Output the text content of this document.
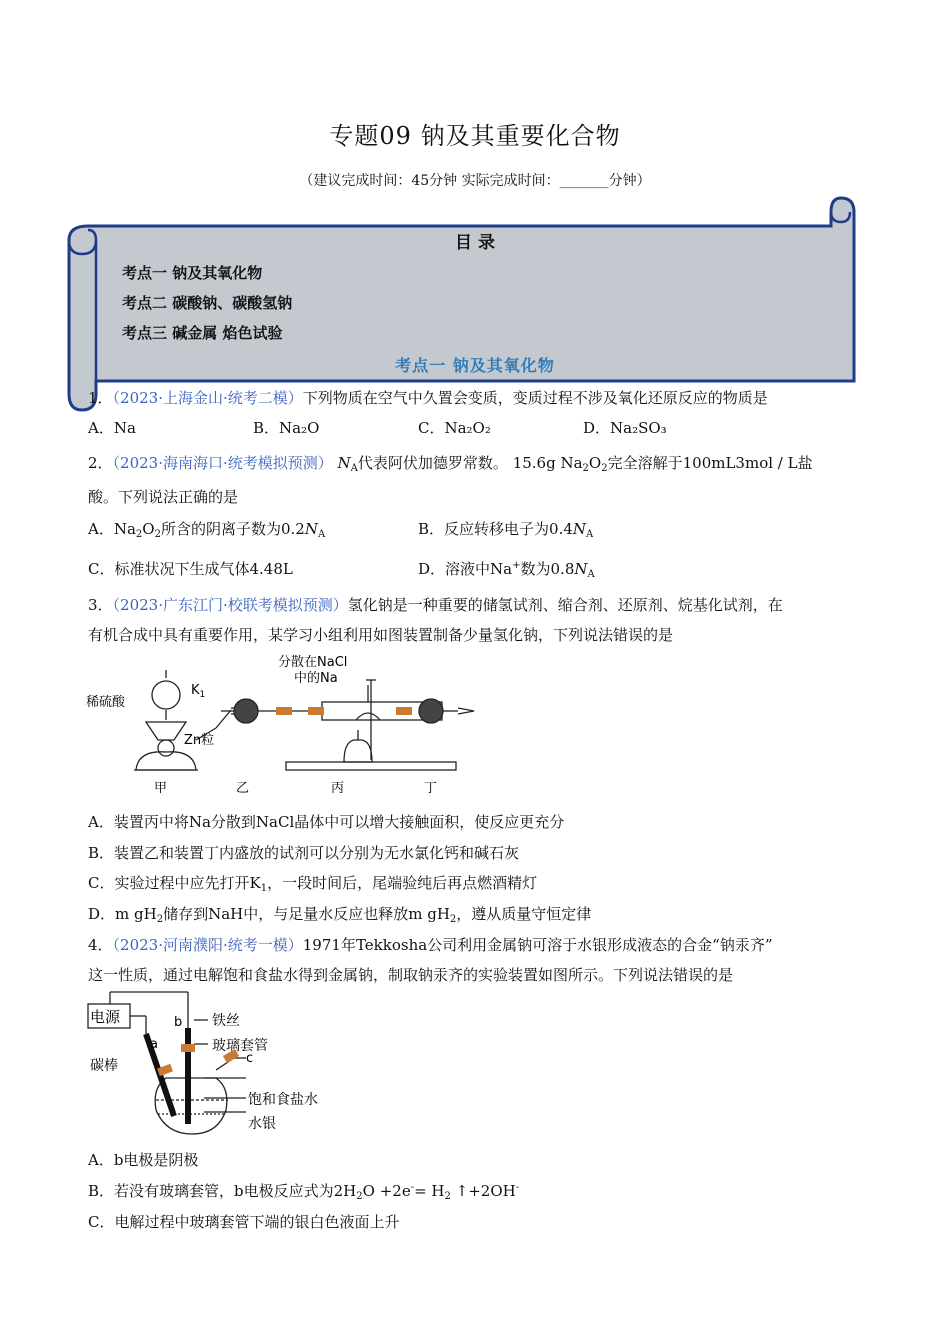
专题09 钠及其重要化合物
（建议完成时间：45分钟 实际完成时间：_______分钟）
目 录
考点一 钠及其氧化物
考点二 碳酸钠、碳酸氢钠
考点三 碱金属 焰色试验
考点一 钠及其氧化物
1．（2023·上海金山·统考二模）下列物质在空气中久置会变质，变质过程不涉及氧化还原反应的物质是
A．Na	B．Na₂O	C．Na₂O₂	D．Na₂SO₃
2．（2023·海南海口·统考模拟预测） $N_A$代表阿伏加德罗常数。 15.6g $Na_2O_2$完全溶解于100mL3mol / L盐
酸。下列说法正确的是
A．$Na_2O_2$所含的阴离子数为$0.2N_A$	B．反应转移电子为$0.4N_A$
C．标准状况下生成气体4.48L	D．溶液中Na+数为$0.8N_A$
3．（2023·广东江门·校联考模拟预测）氢化钠是一种重要的储氢试剂、缩合剂、还原剂、烷基化试剂，在
有机合成中具有重要作用，某学习小组利用如图装置制备少量氢化钠，下列说法错误的是
稀硫酸
$K_1$
Zn粒
分散在NaCl
中的Na
甲	乙	丙	丁
A．装置丙中将Na分散到NaCl晶体中可以增大接触面积，使反应更充分
B．装置乙和装置丁内盛放的试剂可以分别为无水氯化钙和碱石灰
C．实验过程中应先打开$K_1$，一段时间后，尾端验纯后再点燃酒精灯
D．m $gH_2$储存到NaH中，与足量水反应也释放m $gH_2$，遵从质量守恒定律
4．（2023·河南濮阳·统考一模）1971年Tekkosha公司利用金属钠可溶于水银形成液态的合金“钠汞齐”
这一性质，通过电解饱和食盐水得到金属钠，制取钠汞齐的实验装置如图所示。下列说法错误的是
电源
碳棒
a
b
c
铁丝
玻璃套管
饱和食盐水
水银
A．b电极是阴极
B．若没有玻璃套管，b电极反应式为$2H_2O +2e^-= H_2$ ↑+2OH-
C．电解过程中玻璃套管下端的银白色液面上升
